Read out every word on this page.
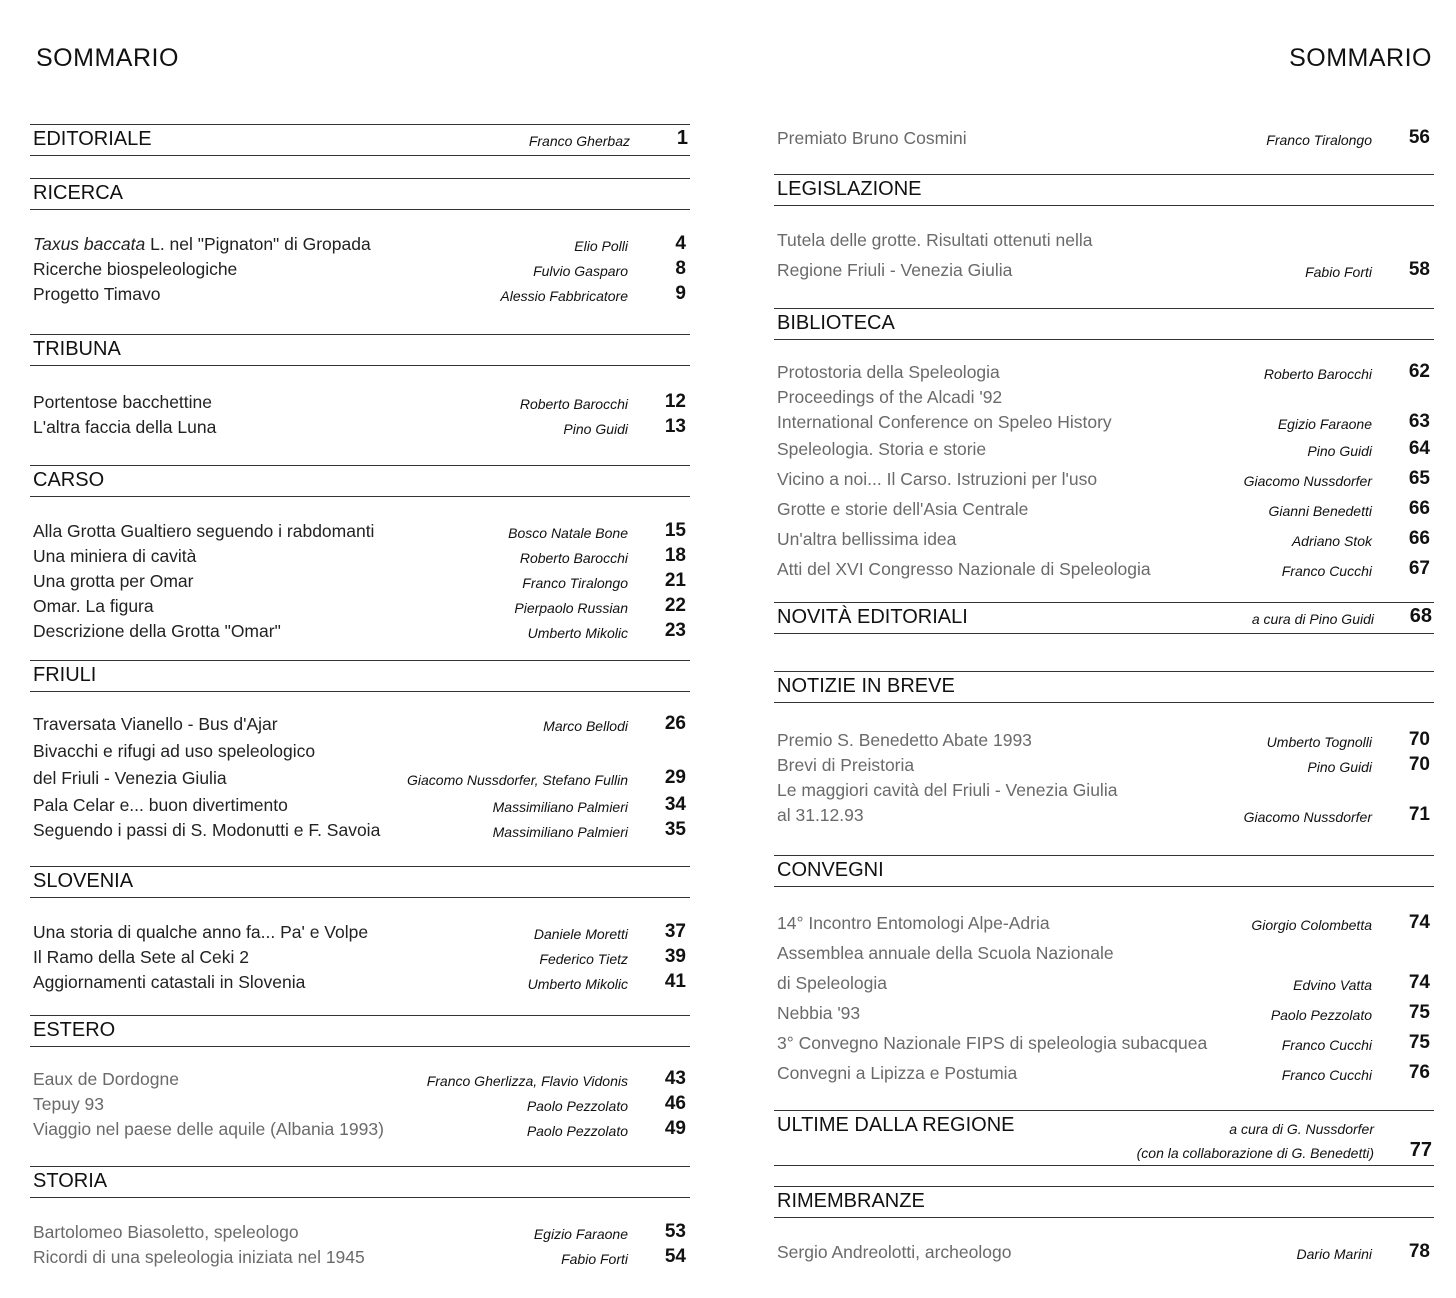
SOMMARIO	SOMMARIO
EDITORIALE	Franco Gherbaz 1
RICERCA
Taxus baccata L. nel "Pignaton" di Gropada	Elio Polli 4
Ricerche biospeleologiche	Fulvio Gasparo 8
Progetto Timavo	Alessio Fabbricatore 9
TRIBUNA
Portentose bacchettine	Roberto Barocchi 12
L'altra faccia della Luna	Pino Guidi 13
CARSO
Alla Grotta Gualtiero seguendo i rabdomanti	Bosco Natale Bone 15
Una miniera di cavità	Roberto Barocchi 18
Una grotta per Omar	Franco Tiralongo 21
Omar. La figura	Pierpaolo Russian 22
Descrizione della Grotta "Omar"	Umberto Mikolic 23
FRIULI
Traversata Vianello - Bus d'Ajar	Marco Bellodi 26
Bivacchi e rifugi ad uso speleologico
del Friuli - Venezia Giulia	Giacomo Nussdorfer, Stefano Fullin 29
Pala Celar e... buon divertimento	Massimiliano Palmieri 34
Seguendo i passi di S. Modonutti e F. Savoia	Massimiliano Palmieri 35
SLOVENIA
Una storia di qualche anno fa... Pa' e Volpe	Daniele Moretti 37
Il Ramo della Sete al Ceki 2	Federico Tietz 39
Aggiornamenti catastali in Slovenia	Umberto Mikolic 41
ESTERO
Eaux de Dordogne	Franco Gherlizza, Flavio Vidonis 43
Tepuy 93	Paolo Pezzolato 46
Viaggio nel paese delle aquile (Albania 1993)	Paolo Pezzolato 49
STORIA
Bartolomeo Biasoletto, speleologo	Egizio Faraone 53
Ricordi di una speleologia iniziata nel 1945	Fabio Forti 54
Premiato Bruno Cosmini	Franco Tiralongo 56
LEGISLAZIONE
Tutela delle grotte. Risultati ottenuti nella
Regione Friuli - Venezia Giulia	Fabio Forti 58
BIBLIOTECA
Protostoria della Speleologia	Roberto Barocchi 62
Proceedings of the Alcadi '92
International Conference on Speleo History	Egizio Faraone 63
Speleologia. Storia e storie	Pino Guidi 64
Vicino a noi... Il Carso. Istruzioni per l'uso	Giacomo Nussdorfer 65
Grotte e storie dell'Asia Centrale	Gianni Benedetti 66
Un'altra bellissima idea	Adriano Stok 66
Atti del XVI Congresso Nazionale di Speleologia	Franco Cucchi 67
NOVITÀ EDITORIALI	a cura di Pino Guidi 68
NOTIZIE IN BREVE
Premio S. Benedetto Abate 1993	Umberto Tognolli 70
Brevi di Preistoria	Pino Guidi 70
Le maggiori cavità del Friuli - Venezia Giulia
al 31.12.93	Giacomo Nussdorfer 71
CONVEGNI
14° Incontro Entomologi Alpe-Adria	Giorgio Colombetta 74
Assemblea annuale della Scuola Nazionale
di Speleologia	Edvino Vatta 74
Nebbia '93	Paolo Pezzolato 75
3° Convegno Nazionale FIPS di speleologia subacquea	Franco Cucchi 75
Convegni a Lipizza e Postumia	Franco Cucchi 76
ULTIME DALLA REGIONE	a cura di G. Nussdorfer
(con la collaborazione di G. Benedetti) 77
RIMEMBRANZE
Sergio Andreolotti, archeologo	Dario Marini 78
